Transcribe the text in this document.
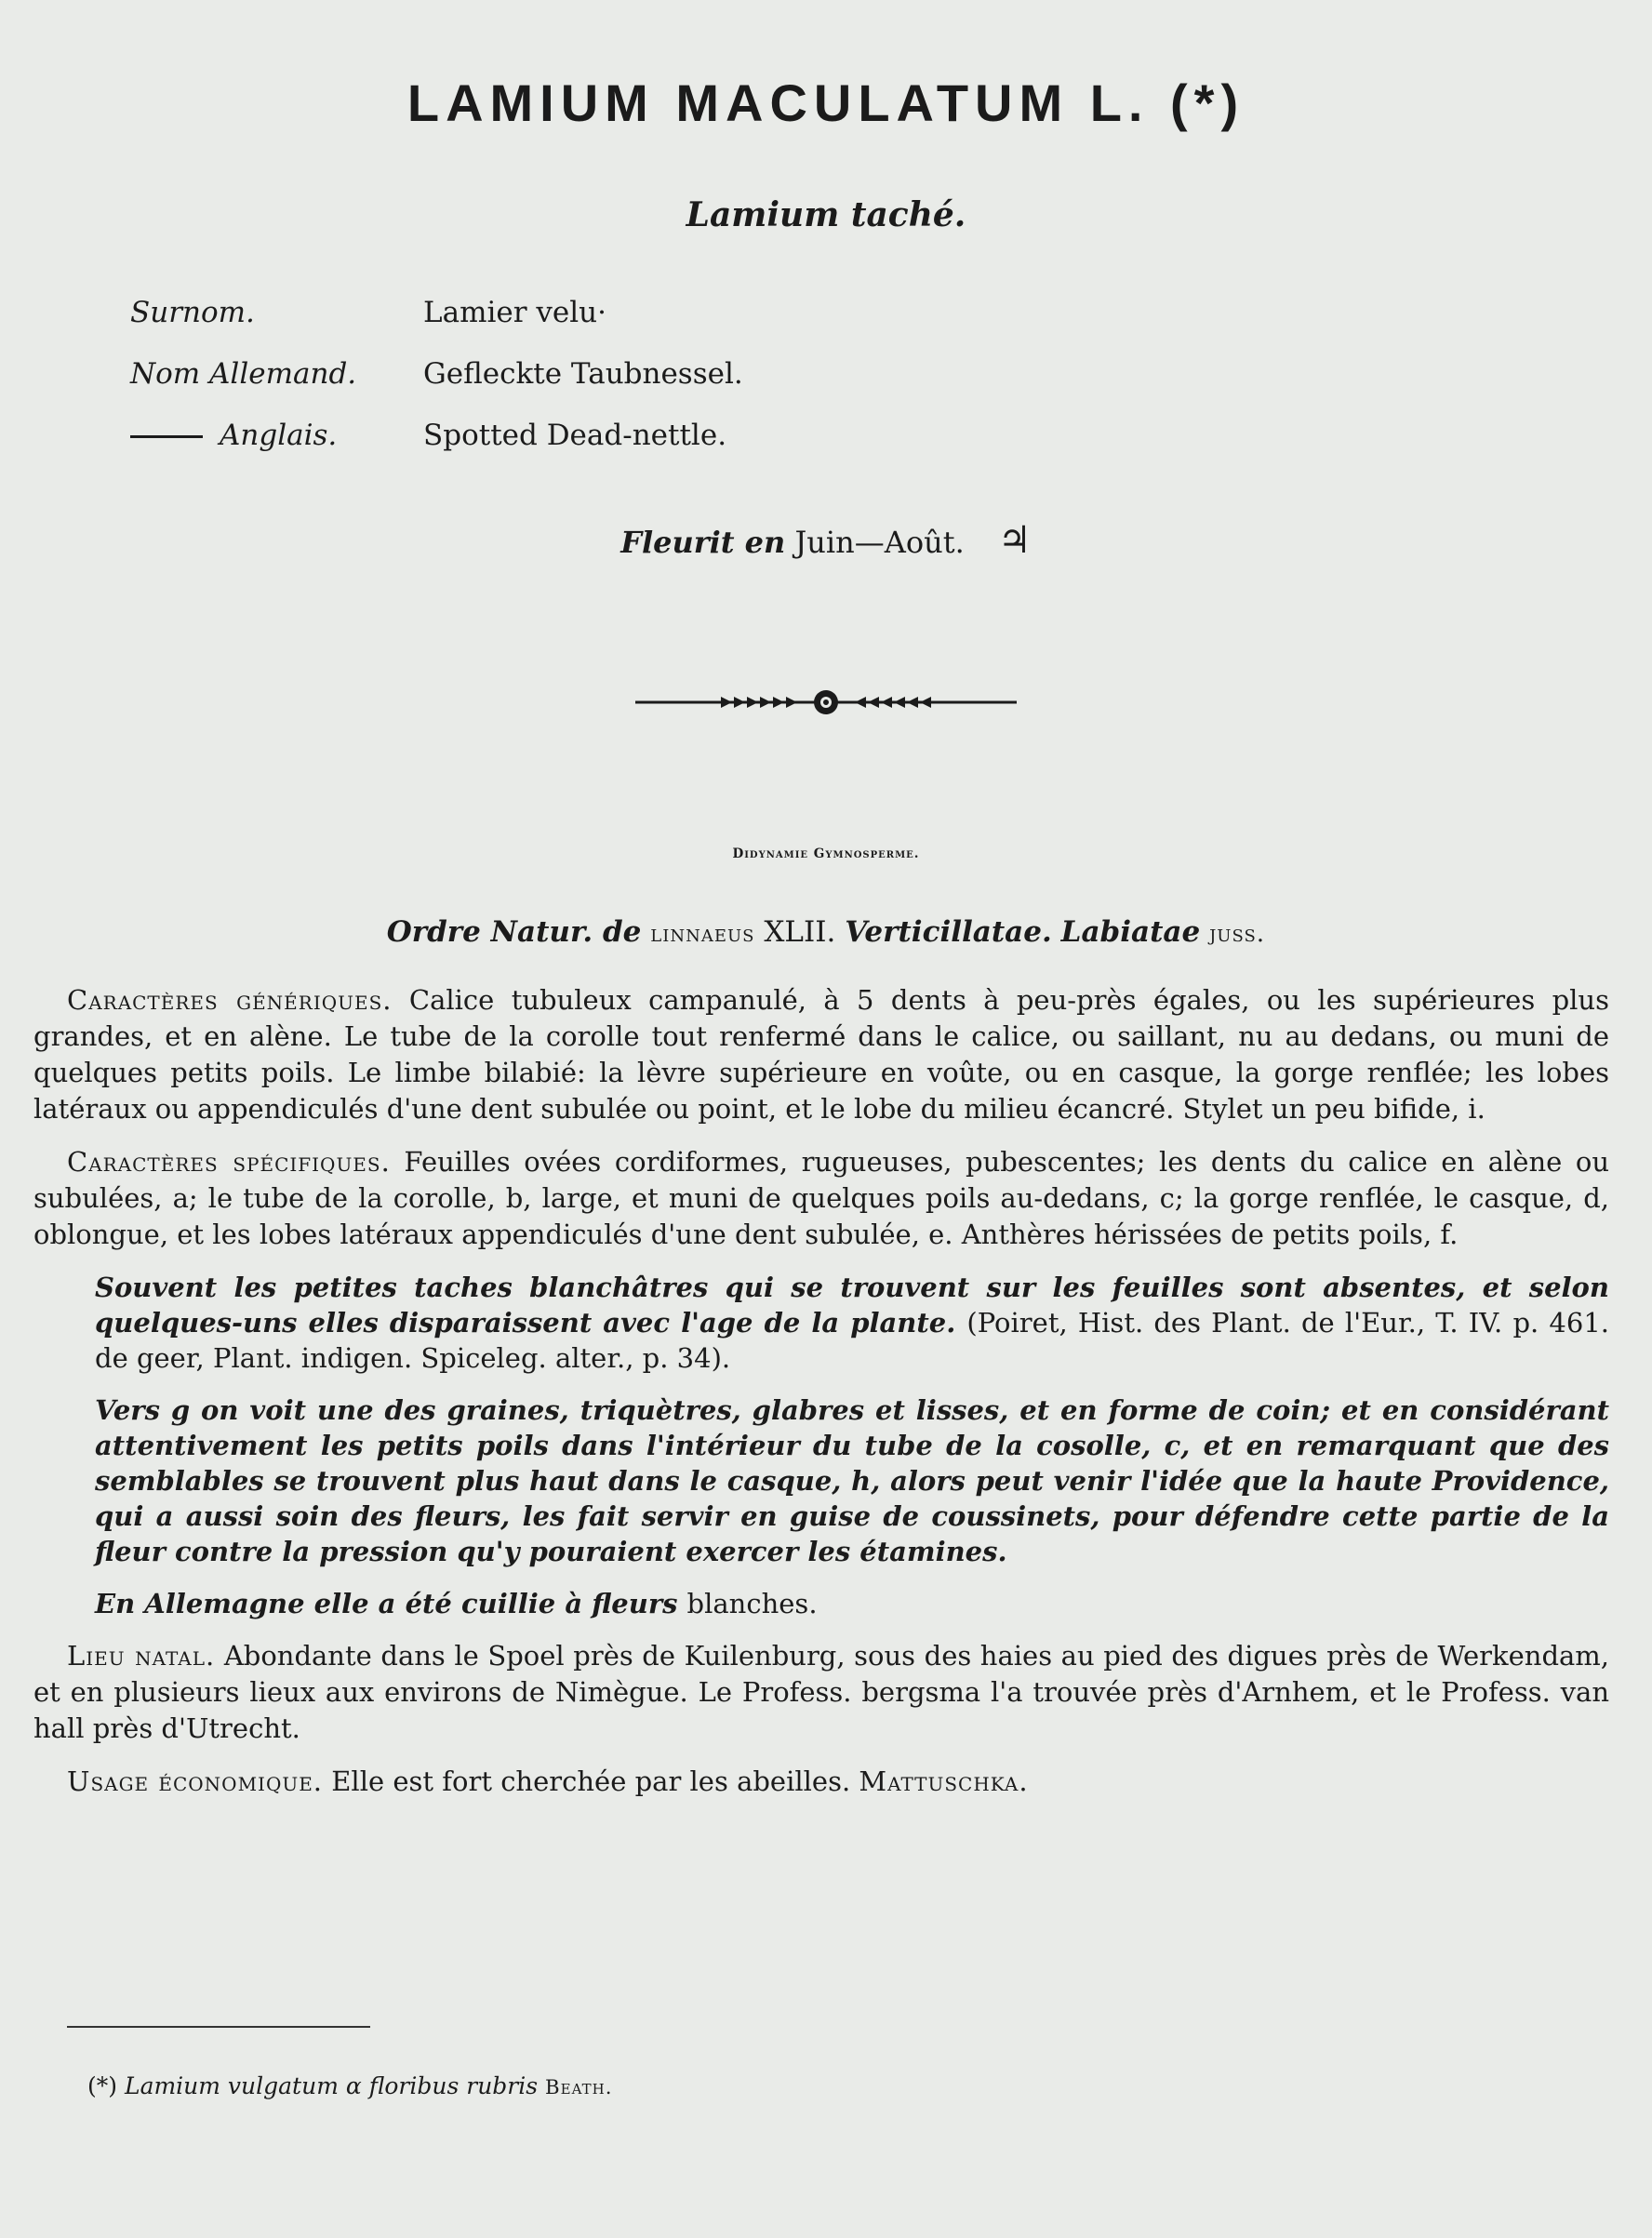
LAMIUM MACULATUM L. (*)
Lamium taché.
Surnom.	Lamier velu·
Nom Allemand.	Gefleckte Taubnessel.
Anglais.	Spotted Dead-nettle.
Fleurit en Juin—Août. ♃
Didynamie Gymnosperme.
Ordre Natur. de linnaeus XLII. Verticillatae. Labiatae juss.

Caractères génériques. Calice tubuleux campanulé, à 5 dents à peu-près égales, ou les supérieures plus grandes, et en alène. Le tube de la corolle tout renfermé dans le calice, ou saillant, nu au dedans, ou muni de quelques petits poils. Le limbe bilabié: la lèvre supérieure en voûte, ou en casque, la gorge renflée; les lobes latéraux ou appendiculés d'une dent subulée ou point, et le lobe du milieu écancré. Stylet un peu bifide, i.

Caractères spécifiques. Feuilles ovées cordiformes, rugueuses, pubescentes; les dents du calice en alène ou subulées, a; le tube de la corolle, b, large, et muni de quelques poils au-dedans, c; la gorge renflée, le casque, d, oblongue, et les lobes latéraux appendiculés d'une dent subulée, e. Anthères hérissées de petits poils, f.

Souvent les petites taches blanchâtres qui se trouvent sur les feuilles sont absentes, et selon quelques-uns elles disparaissent avec l'age de la plante. (Poiret, Hist. des Plant. de l'Eur., T. IV. p. 461. de geer, Plant. indigen. Spiceleg. alter., p. 34).

Vers g on voit une des graines, triquètres, glabres et lisses, et en forme de coin; et en considérant attentivement les petits poils dans l'intérieur du tube de la cosolle, c, et en remarquant que des semblables se trouvent plus haut dans le casque, h, alors peut venir l'idée que la haute Providence, qui a aussi soin des fleurs, les fait servir en guise de coussinets, pour défendre cette partie de la fleur contre la pression qu'y pouraient exercer les étamines.

En Allemagne elle a été cuillie à fleurs blanches.

Lieu natal. Abondante dans le Spoel près de Kuilenburg, sous des haies au pied des digues près de Werkendam, et en plusieurs lieux aux environs de Nimègue. Le Profess. bergsma l'a trouvée près d'Arnhem, et le Profess. van hall près d'Utrecht.

Usage économique. Elle est fort cherchée par les abeilles. Mattuschka.

(*) Lamium vulgatum α floribus rubris Beath.
